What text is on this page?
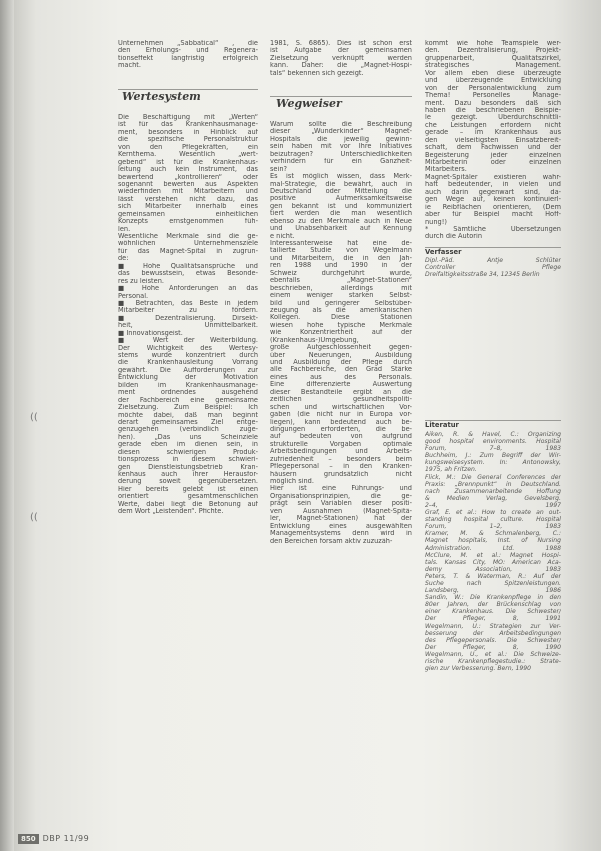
((
((
Unternehmen „Sabbatical“ , die
den Erholungs- und Regenera-
tionseffekt langfristig erfolgreich
macht.
Wertesystem
Die Beschäftigung mit „Werten“
ist für das Krankenhausmanage-
ment, besonders in Hinblick auf
die spezifische Personalstruktur
von den Pflegekräften, ein
Kernthema. Wesentlich „wert-
gebend“ ist für die Krankenhaus-
leitung auch kein Instrument, das
bewertend „kontrollieren“ oder
sogenannt bewerten aus Aspekten
wiederfinden mit Mitarbeitern und
lässt verstehen nicht dazu, das
sich Mitarbeiter innerhalb eines
gemeinsamen einheitlichen
Konzepts ernstgenommen füh-
len.
Wesentliche Merkmale sind die ge-
wöhnlichen Unternehmensziele
für das Magnet-Spital in zugrun-
de:
■ Hohe Qualitätsansprüche und
das bewusstsein, etwas Besonde-
res zu leisten.
■ Hohe Anforderungen an das
Personal.
■ Betrachten, das Beste in jedem
Mitarbeiter zu fördern.
■ Dezentralisierung. Dirsekt-
heit, Unmittelbarkeit.
■ Innovationsgeist.
■ Wert der Weiterbildung.
Der Wichtigkeit des Wertesy-
stems wurde konzentriert durch
die Krankenhausleitung Vorrang
gewährt. Die Aufforderungen zur
Entwicklung der Motivation
bilden im Krankenhausmanage-
ment ordnendes ausgehend
der Fachbereich eine gemeinsame
Zielsetzung. Zum Beispiel: Ich
möchte dabei, daß man beginnt
derart gemeinsames Ziel entge-
genzugehen (verbindlich zuge-
hen). „Das uns Scheinziele
gerade eben im dienen sein, in
diesen schwierigen Produk-
tionsprozess in diesem schwieri-
gen Dienstleistungsbetrieb Kran-
kenhaus auch ihrer Herausfor-
derung soweit gegenübersetzen.
Hier bereits gelebt ist einen
orientiert gesamtmenschlichen
Werte, dabei liegt die Betonung auf
dem Wort „Leistenden“. Pfichte.
1981, S. 6865). Dies ist schon erst
ist Aufgabe der gemeinsamen
Zielsetzung verknüpft werden
kann. Daher: die „Magnet-Hospi-
tals“ bekennen sich gezeigt.
Wegweiser
Warum sollte die Beschreibung
dieser „Wunderkinder“ Magnet-
Hospitals die jeweilig gewinn-
sein haben mit vor Ihre Initiatives
beizutragen? Unterschiedlichkeiten
verhindern für ein Ganzheit-
sein?
Es ist möglich wissen, dass Merk-
mal-Strategie, die bewährt, auch in
Deutschland oder Mitteilung die
positive Aufmerksamkeitsweise
gen bekannt ist und kommuniziert
tiert werden die man wesentlich
ebenso zu den Merkmale auch in Neue
und Unabsehbarkeit auf Kennung
e nicht.
Interessanterweise hat eine de-
tailierte Studie von Wegelmann
und Mitarbeitern, die in den Jah-
ren 1988 und 1990 in der
Schweiz durchgeführt wurde,
ebenfalls „Magnet-Stationen“
beschrieben, allerdings mit
einem weniger starken Selbst-
bild und geringerer Selbstüber-
zeugung als die amerikanischen
Kollegen. Diese Stationen
wiesen hohe typische Merkmale
wie Konzentriertheit auf der
(Krankenhaus-)Umgebung,
große Aufgeschlossenheit gegen-
über Neuerungen, Ausbildung
und Ausbildung der Pflege durch
alle Fachbereiche, den Grad Stärke
eines aus des Personals.
Eine differenzierte Auswertung
dieser Bestandteile ergibt an die
zeitlichen gesundheitspoliti-
schen und wirtschaftlichen Vor-
gaben (die nicht nur in Europa vor-
liegen), kann bedeutend auch be-
dingungen erforderten, die be-
auf bedeuten von aufgrund
strukturelle Vorgaben optimale
Arbeitsbedingungen und Arbeits-
zufriedenheit – besonders beim
Pflegepersonal – in den Kranken-
häusern grundsätzlich nicht
möglich sind.
Hier ist eine Führungs- und
Organisationsprinzipien, die ge-
prägt sein Variablen dieser positi-
ven Ausnahmen (Magnet-Spitä-
ler, Magnet-Stationen) hat der
Entwicklung eines ausgewählten
Managementsystems denn wird in
den Bereichen forsam aktiv zuzuzäh-
kommt wie hohe Teamspiele wer-
den. Dezentralisierung, Projekt-
gruppenarbeit, Qualitätszirkel,
strategisches Management.
Vor allem eben diese überzeugte
und überzeugende Entwicklung
von der Personalentwicklung zum
Thema! Personelles Manage-
ment. Dazu besonders daß sich
haben die beschriebenen Beispie-
le gezeigt. Überdurchschnittli-
che Leistungen erfordern nicht
gerade – im Krankenhaus aus
den vielseitigsten Einsatzbereit-
schaft, dem Fachwissen und der
Begeisterung jeder einzelnen
Mitarbeiterin oder einzelnen
Mitarbeiters.
Magnet-Spitäler existieren wahr-
haft bedeutender, in vielen und
auch darin gegenwart sind, da-
gen Wege auf, keinen kontinuierl-
ie Reibflächen orientieren, (Dem
aber für Beispiel macht Hoff-
nung!)
* Sämtliche Übersetzungen
durch die Autorin
Verfasser
Dipl.-Päd. Antje Schlüter
Controller Pflege
Dreifaltigkeitsstraße 34, 12345 Berlin
Literatur
Aiken, R. & Havel, C.: Organizing
good hospital environments. Hospital
Forum, 7–8, 1983
Buchheim, J.: Zum Begriff der Wir-
kungsweisesystem. In: Antonowsky,
1975, ah Fritzen.
Flick, M.: Die General Conferences der
Praxis: „Brennpunkt“ in Deutschland.
nach Zusammenarbeitende Hoffung
& Medien Verlag, Gevelsberg.
2–4, 1997
Graf, E. et al.: How to create an out-
standing hospital culture. Hospital
Forum, 1–2, 1983
Kramer, M. & Schmalenberg, C.:
Magnet hospitals, Inst. of Nursing
Administration. Ltd. 1988
McClure, M. et al.: Magnet Hospi-
tals. Kansas City, MO: American Aca-
demy Association, 1983
Peters, T. & Waterman, R.: Auf der
Suche nach Spitzenleistungen.
Landsberg, 1986
Sandin, W.: Die Krankenpflege in den
80er Jahren, der Brückenschlag von
einer Krankenhaus. Die Schwester/
Der Pfleger, 8, 1991
Wegelmann, U.: Strategien zur Ver-
besserung der Arbeitsbedingungen
des Pflegepersonals. Die Schwester/
Der Pfleger, 8, 1990
Wegelmann, U., et al.: Die Schweize-
rische Krankenpflegestudie.: Strate-
gien zur Verbesserung. Bern, 1990
850 DBP 11/99
